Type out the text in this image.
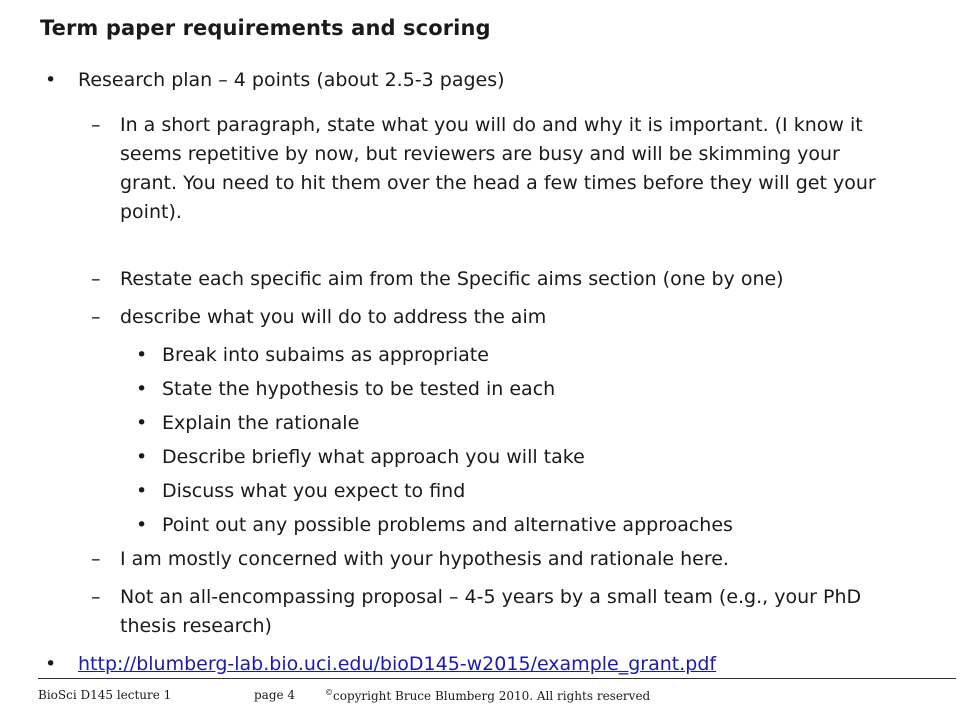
Term paper requirements and scoring
• Research plan – 4 points (about 2.5-3 pages)
– In a short paragraph, state what you will do and why it is important. (I know it seems repetitive by now, but reviewers are busy and will be skimming your grant. You need to hit them over the head a few times before they will get your point).
– Restate each specific aim from the Specific aims section (one by one)
– describe what you will do to address the aim
• Break into subaims as appropriate
• State the hypothesis to be tested in each
• Explain the rationale
• Describe briefly what approach you will take
• Discuss what you expect to find
• Point out any possible problems and alternative approaches
– I am mostly concerned with your hypothesis and rationale here.
– Not an all-encompassing proposal – 4-5 years by a small team (e.g., your PhD thesis research)
• http://blumberg-lab.bio.uci.edu/bioD145-w2015/example_grant.pdf
BioSci D145 lecture 1	page 4	©copyright Bruce Blumberg 2010. All rights reserved
